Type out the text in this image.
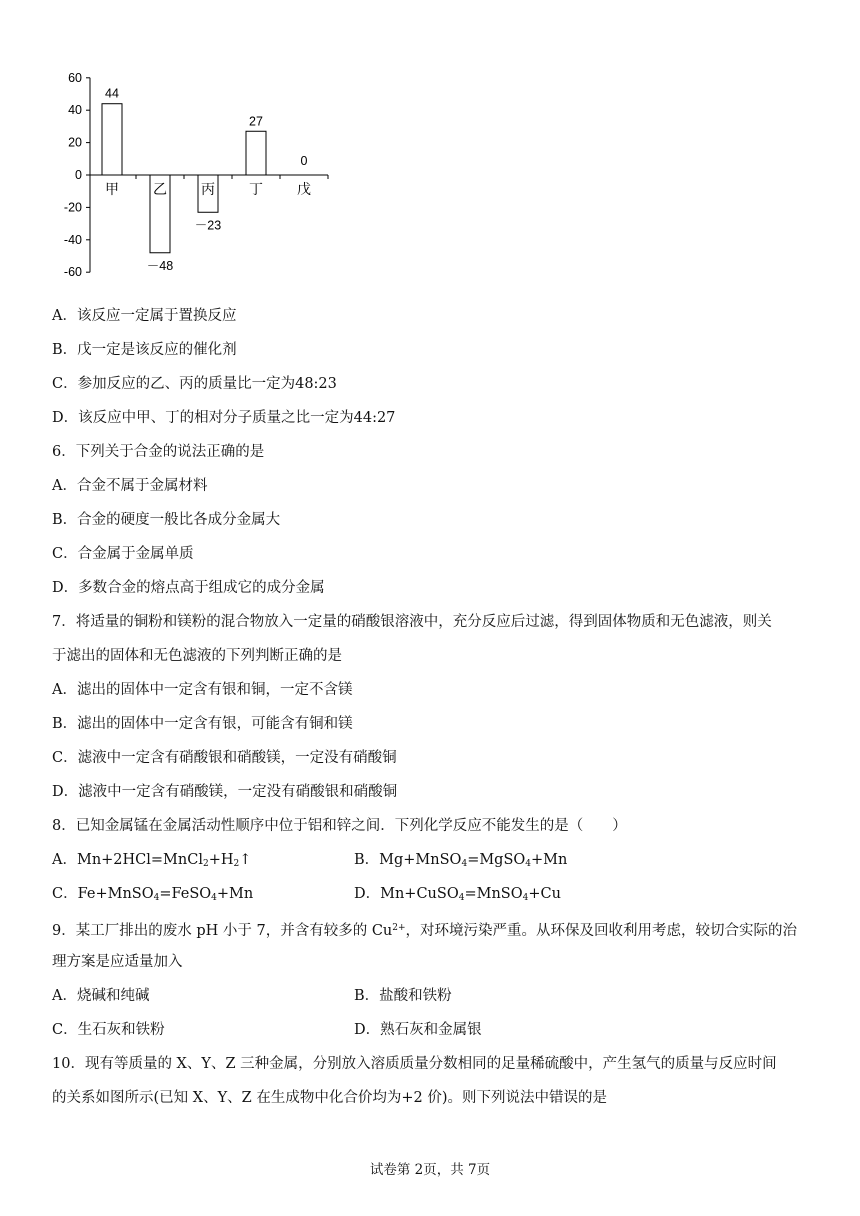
60
40
20
0
-20
-40
-60
甲
44
乙
－48
丙
－23
丁
27
戊
0
A．该反应一定属于置换反应
B．戊一定是该反应的催化剂
C．参加反应的乙、丙的质量比一定为48:23
D．该反应中甲、丁的相对分子质量之比一定为44:27
6．下列关于合金的说法正确的是
A．合金不属于金属材料
B．合金的硬度一般比各成分金属大
C．合金属于金属单质
D．多数合金的熔点高于组成它的成分金属
7．将适量的铜粉和镁粉的混合物放入一定量的硝酸银溶液中，充分反应后过滤，得到固体物质和无色滤液，则关
于滤出的固体和无色滤液的下列判断正确的是
A．滤出的固体中一定含有银和铜，一定不含镁
B．滤出的固体中一定含有银，可能含有铜和镁
C．滤液中一定含有硝酸银和硝酸镁，一定没有硝酸铜
D．滤液中一定含有硝酸镁，一定没有硝酸银和硝酸铜
8．已知金属锰在金属活动性顺序中位于铝和锌之间．下列化学反应不能发生的是（　　）
A．$Mn+2HCl=MnCl_2+H_2↑$	B．Mg+MnSO$_4$=MgSO$_4$+Mn
C．Fe+MnSO$_4$=FeSO$_4$+Mn	D．Mn+CuSO$_4$=MnSO$_4$+Cu
9．某工厂排出的废水 pH 小于 7，并含有较多的 $Cu^{2+}$，对环境污染严重。从环保及回收利用考虑，较切合实际的治
理方案是应适量加入
A．烧碱和纯碱	B．盐酸和铁粉
C．生石灰和铁粉	D．熟石灰和金属银
10．现有等质量的 X、Y、Z 三种金属，分别放入溶质质量分数相同的足量稀硫酸中，产生氢气的质量与反应时间
的关系如图所示(已知 X、Y、Z 在生成物中化合价均为+2 价)。则下列说法中错误的是
试卷第 2页，共 7页
